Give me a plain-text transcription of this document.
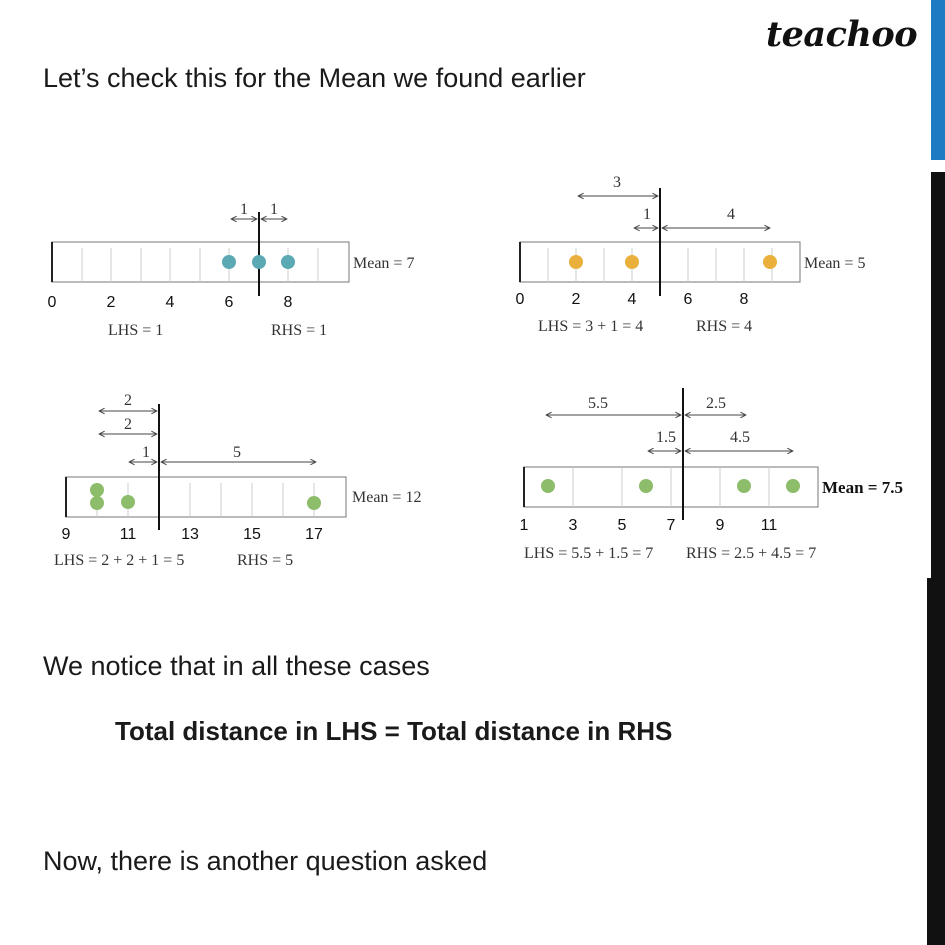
teachoo
Let’s check this for the Mean we found earlier
1 1
Mean = 7
0	2	4	6	8
LHS = 1	RHS = 1
3
1	4
Mean = 5
0	2	4	6	8
LHS = 3 + 1 = 4	RHS = 4
2
2
1	5
Mean = 12
9	11	13	15	17
LHS = 2 + 2 + 1 = 5	RHS = 5
5.5	2.5
1.5	4.5
Mean = 7.5
1	3	5	7	9 11
LHS = 5.5 + 1.5 = 7 RHS = 2.5 + 4.5 = 7
We notice that in all these cases
Total distance in LHS = Total distance in RHS
Now, there is another question asked
